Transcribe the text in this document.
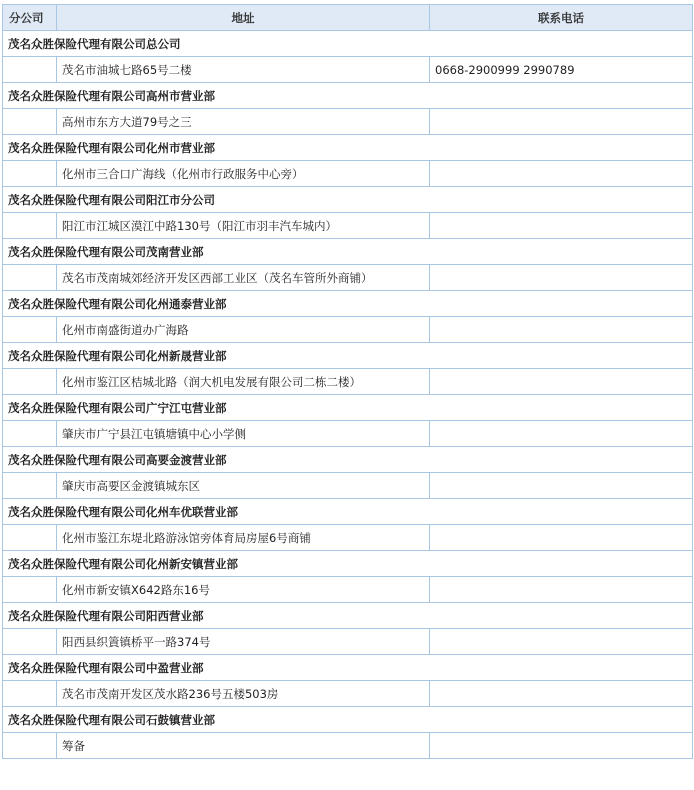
分公司	地址	联系电话
茂名众胜保险代理有限公司总公司		
	茂名市油城七路65号二楼	0668-2900999 2990789
茂名众胜保险代理有限公司高州市营业部		
	高州市东方大道79号之三	
茂名众胜保险代理有限公司化州市营业部		
	化州市三合口广海线（化州市行政服务中心旁）	
茂名众胜保险代理有限公司阳江市分公司		
	阳江市江城区漠江中路130号（阳江市羽丰汽车城内）	
茂名众胜保险代理有限公司茂南营业部		
	茂名市茂南城郊经济开发区西部工业区（茂名车管所外商铺）	
茂名众胜保险代理有限公司化州通泰营业部		
	化州市南盛街道办广海路	
茂名众胜保险代理有限公司化州新晟营业部		
	化州市鉴江区桔城北路（润大机电发展有限公司二栋二楼）	
茂名众胜保险代理有限公司广宁江屯营业部		
	肇庆市广宁县江屯镇塘镇中心小学侧	
茂名众胜保险代理有限公司高要金渡营业部		
	肇庆市高要区金渡镇城东区	
茂名众胜保险代理有限公司化州车优联营业部		
	化州市鉴江东堤北路游泳馆旁体育局房屋6号商铺	
茂名众胜保险代理有限公司化州新安镇营业部		
	化州市新安镇X642路东16号	
茂名众胜保险代理有限公司阳西营业部		
	阳西县织篢镇桥平一路374号	
茂名众胜保险代理有限公司中盈营业部		
	茂名市茂南开发区茂水路236号五楼503房	
茂名众胜保险代理有限公司石鼓镇营业部		
	筹备	
